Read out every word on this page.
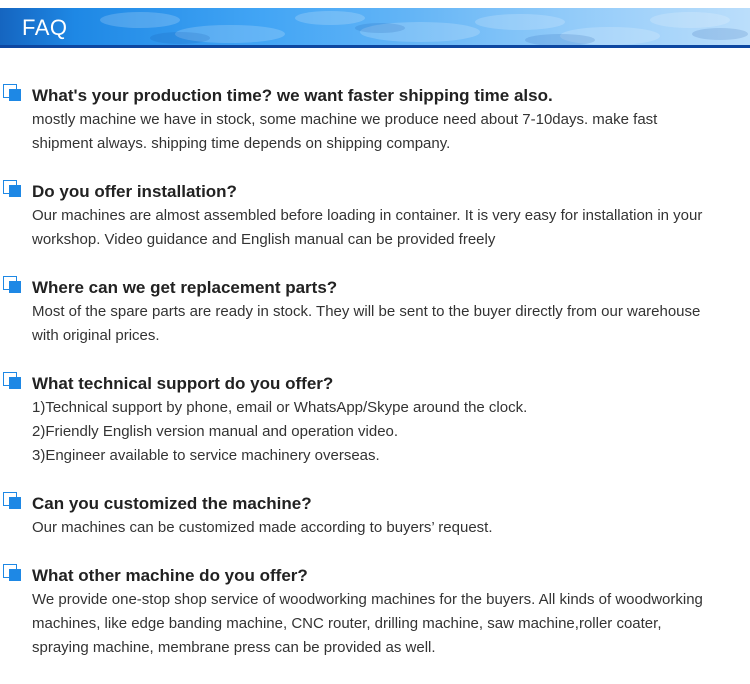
FAQ

What's your production time? we want faster shipping time also.

mostly machine we have in stock, some machine we produce need about 7-10days. make fast shipment always. shipping time depends on shipping company.

Do you offer installation?

Our machines are almost assembled before loading in container. It is very easy for installation in your workshop. Video guidance and English manual can be provided freely

Where can we get replacement parts?

Most of the spare parts are ready in stock. They will be sent to the buyer directly from our warehouse with original prices.

What technical support do you offer?

1)Technical support by phone, email or WhatsApp/Skype around the clock.

2)Friendly English version manual and operation video.

3)Engineer available to service machinery overseas.

Can you customized the machine?

Our machines can be customized made according to buyers’ request.

What other machine do you offer?

We provide one-stop shop service of woodworking machines for the buyers. All kinds of woodworking machines, like edge banding machine, CNC router, drilling machine, saw machine,roller coater, spraying machine, membrane press can be provided as well.
